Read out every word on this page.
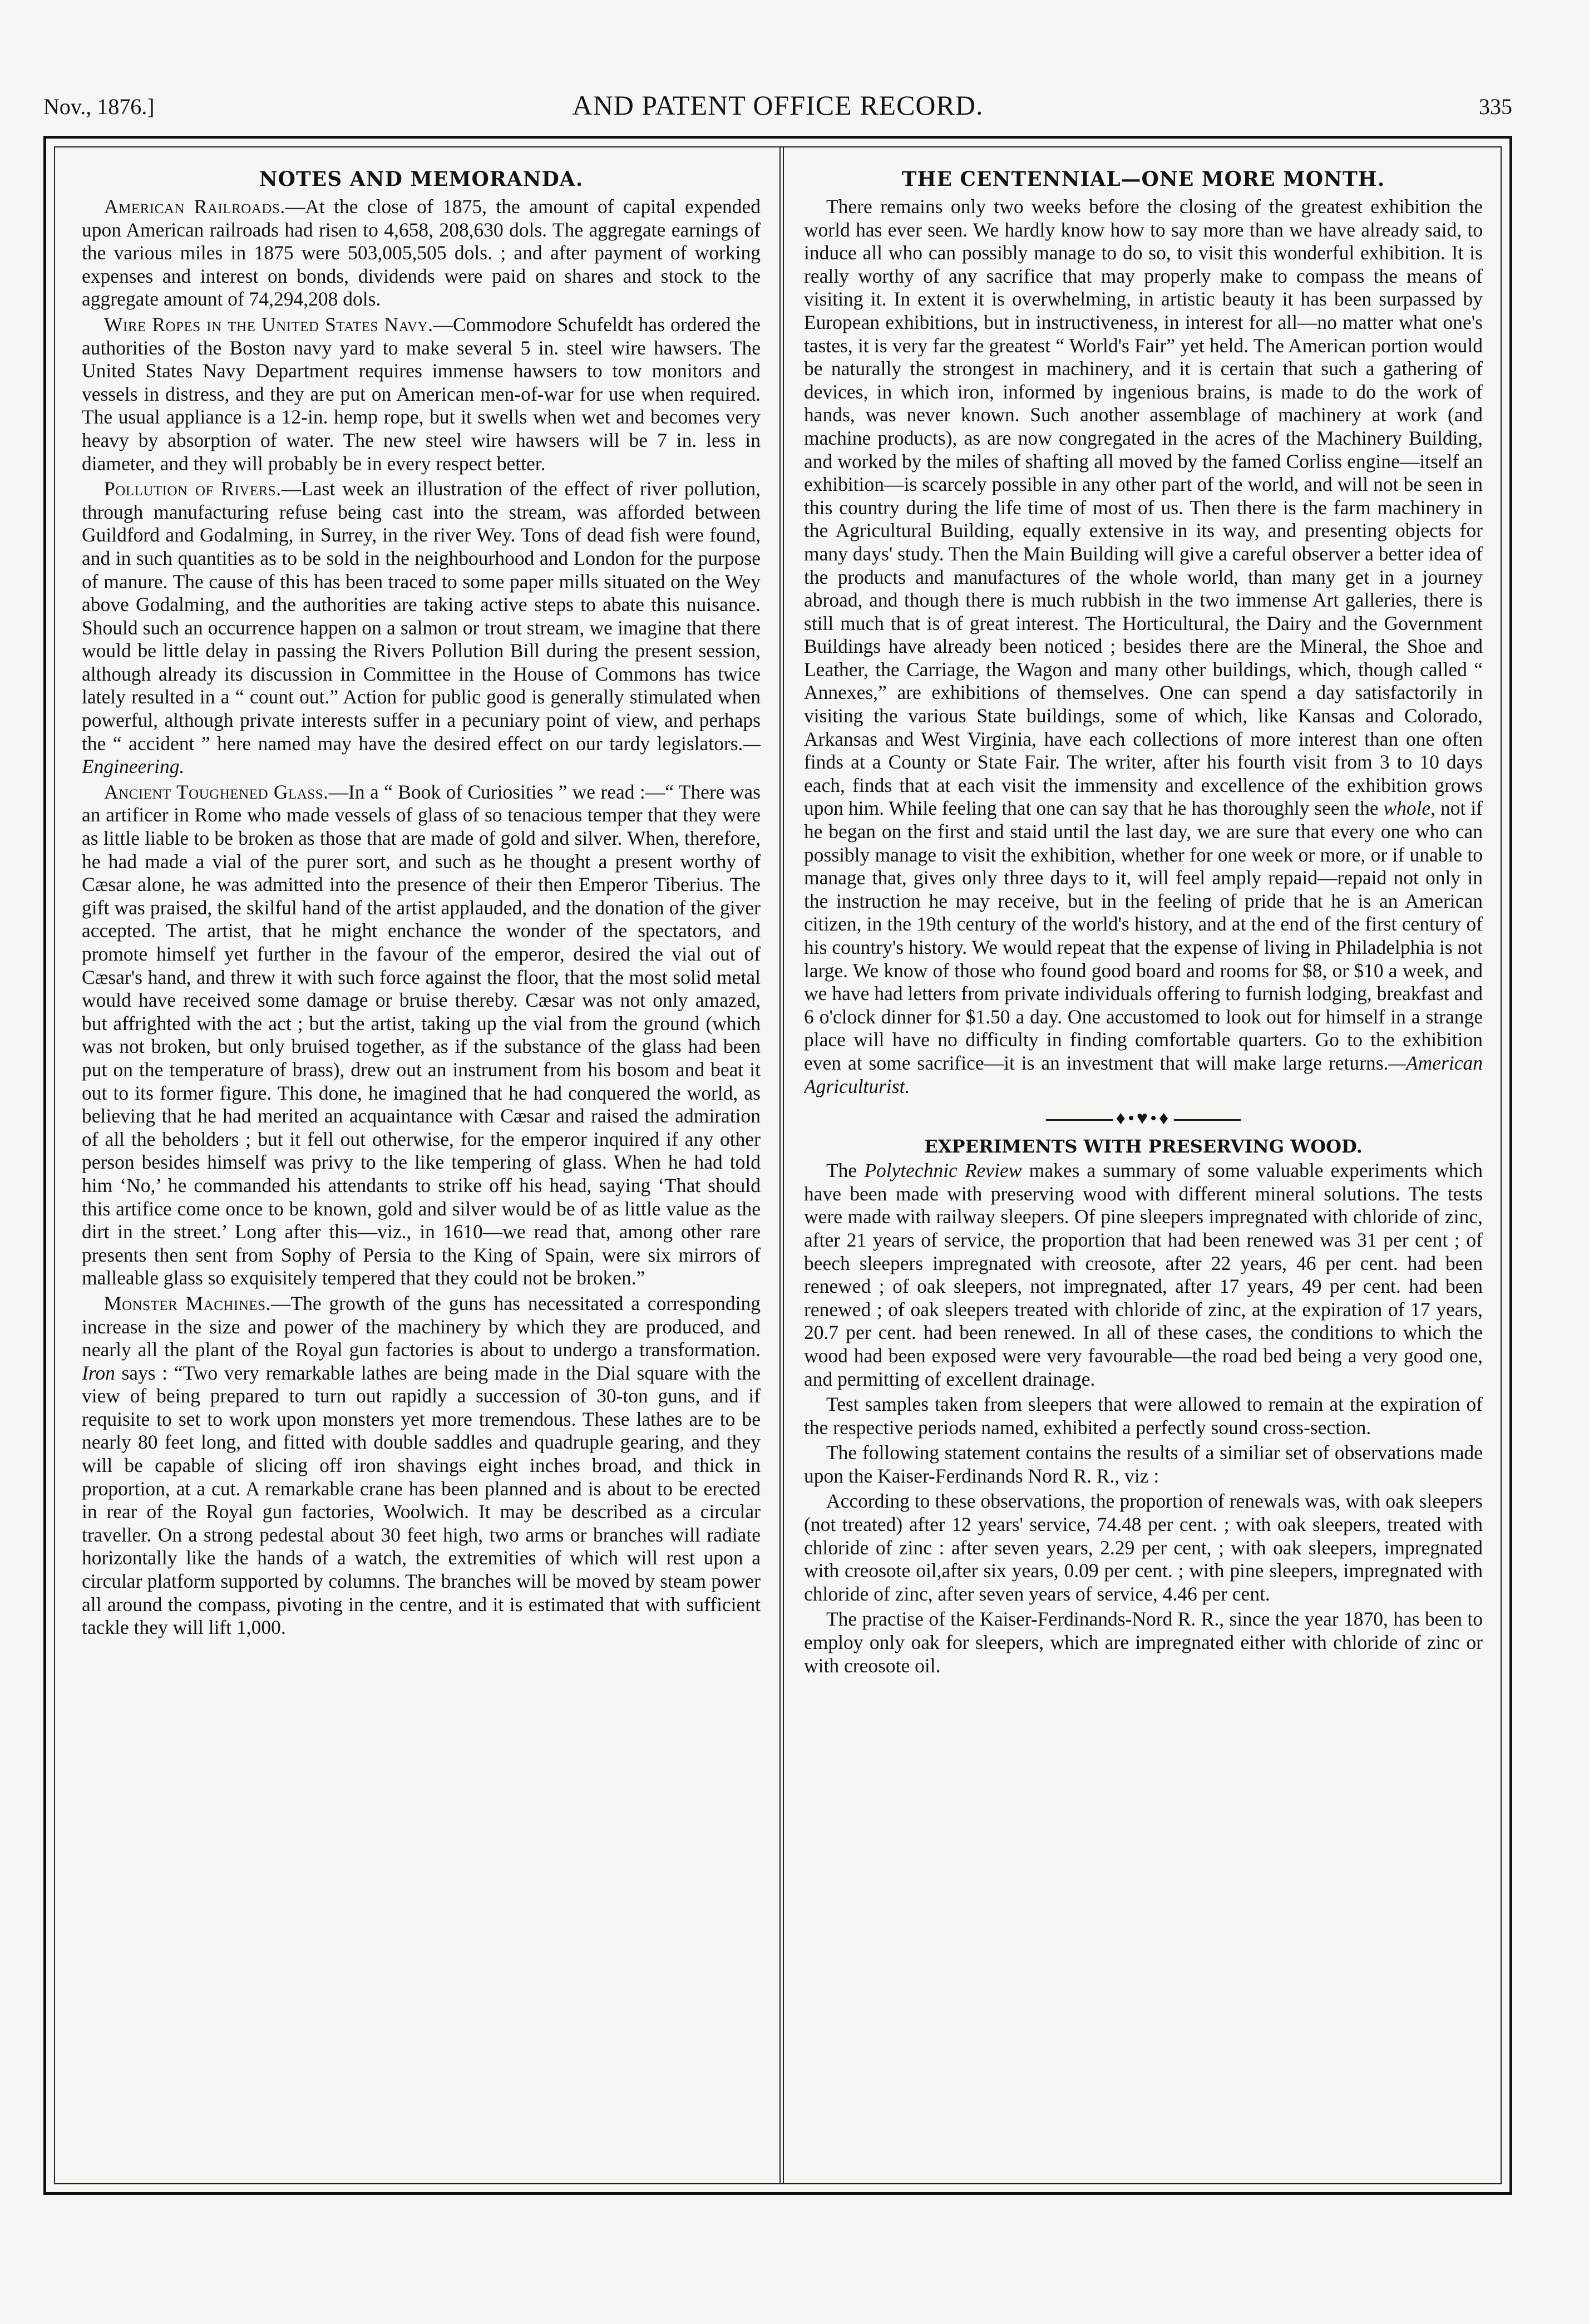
Nov., 1876.]	AND PATENT OFFICE RECORD.	335
NOTES AND MEMORANDA.

American Railroads.—At the close of 1875, the amount of capital expended upon American railroads had risen to 4,658, 208,630 dols. The aggregate earnings of the various miles in 1875 were 503,005,505 dols. ; and after payment of working expenses and interest on bonds, dividends were paid on shares and stock to the aggregate amount of 74,294,208 dols.

Wire Ropes in the United States Navy.—Commodore Schufeldt has ordered the authorities of the Boston navy yard to make several 5 in. steel wire hawsers. The United States Navy Department requires immense hawsers to tow monitors and vessels in distress, and they are put on American men-of-war for use when required. The usual appliance is a 12-in. hemp rope, but it swells when wet and becomes very heavy by absorption of water. The new steel wire hawsers will be 7 in. less in diameter, and they will probably be in every respect better.

Pollution of Rivers.—Last week an illustration of the effect of river pollution, through manufacturing refuse being cast into the stream, was afforded between Guildford and Godalming, in Surrey, in the river Wey. Tons of dead fish were found, and in such quantities as to be sold in the neighbourhood and London for the purpose of manure. The cause of this has been traced to some paper mills situated on the Wey above Godalming, and the authorities are taking active steps to abate this nuisance. Should such an occurrence happen on a salmon or trout stream, we imagine that there would be little delay in passing the Rivers Pollution Bill during the present session, although already its discussion in Committee in the House of Commons has twice lately resulted in a “ count out.” Action for public good is generally stimulated when powerful, although private interests suffer in a pecuniary point of view, and perhaps the “ accident ” here named may have the desired effect on our tardy legislators.—Engineering.

Ancient Toughened Glass.—In a “ Book of Curiosities ” we read :—“ There was an artificer in Rome who made vessels of glass of so tenacious temper that they were as little liable to be broken as those that are made of gold and silver. When, therefore, he had made a vial of the purer sort, and such as he thought a present worthy of Cæsar alone, he was admitted into the presence of their then Emperor Tiberius. The gift was praised, the skilful hand of the artist applauded, and the donation of the giver accepted. The artist, that he might enchance the wonder of the spectators, and promote himself yet further in the favour of the emperor, desired the vial out of Cæsar's hand, and threw it with such force against the floor, that the most solid metal would have received some damage or bruise thereby. Cæsar was not only amazed, but affrighted with the act ; but the artist, taking up the vial from the ground (which was not broken, but only bruised together, as if the substance of the glass had been put on the temperature of brass), drew out an instrument from his bosom and beat it out to its former figure. This done, he imagined that he had conquered the world, as believing that he had merited an acquaintance with Cæsar and raised the admiration of all the beholders ; but it fell out otherwise, for the emperor inquired if any other person besides himself was privy to the like tempering of glass. When he had told him ‘No,’ he commanded his attendants to strike off his head, saying ‘That should this artifice come once to be known, gold and silver would be of as little value as the dirt in the street.’ Long after this—viz., in 1610—we read that, among other rare presents then sent from Sophy of Persia to the King of Spain, were six mirrors of malleable glass so exquisitely tempered that they could not be broken.”

Monster Machines.—The growth of the guns has necessitated a corresponding increase in the size and power of the machinery by which they are produced, and nearly all the plant of the Royal gun factories is about to undergo a transformation. Iron says : “Two very remarkable lathes are being made in the Dial square with the view of being prepared to turn out rapidly a succession of 30-ton guns, and if requisite to set to work upon monsters yet more tremendous. These lathes are to be nearly 80 feet long, and fitted with double saddles and quadruple gearing, and they will be capable of slicing off iron shavings eight inches broad, and thick in proportion, at a cut. A remarkable crane has been planned and is about to be erected in rear of the Royal gun factories, Woolwich. It may be described as a circular traveller. On a strong pedestal about 30 feet high, two arms or branches will radiate horizontally like the hands of a watch, the extremities of which will rest upon a circular platform supported by columns. The branches will be moved by steam power all around the compass, pivoting in the centre, and it is estimated that with sufficient tackle they will lift 1,000.

THE CENTENNIAL—ONE MORE MONTH.

There remains only two weeks before the closing of the greatest exhibition the world has ever seen. We hardly know how to say more than we have already said, to induce all who can possibly manage to do so, to visit this wonderful exhibition. It is really worthy of any sacrifice that may properly make to compass the means of visiting it. In extent it is overwhelming, in artistic beauty it has been surpassed by European exhibitions, but in instructiveness, in interest for all—no matter what one's tastes, it is very far the greatest “ World's Fair” yet held. The American portion would be naturally the strongest in machinery, and it is certain that such a gathering of devices, in which iron, informed by ingenious brains, is made to do the work of hands, was never known. Such another assemblage of machinery at work (and machine products), as are now congregated in the acres of the Machinery Building, and worked by the miles of shafting all moved by the famed Corliss engine—itself an exhibition—is scarcely possible in any other part of the world, and will not be seen in this country during the life time of most of us. Then there is the farm machinery in the Agricultural Building, equally extensive in its way, and presenting objects for many days' study. Then the Main Building will give a careful observer a better idea of the products and manufactures of the whole world, than many get in a journey abroad, and though there is much rubbish in the two immense Art galleries, there is still much that is of great interest. The Horticultural, the Dairy and the Government Buildings have already been noticed ; besides there are the Mineral, the Shoe and Leather, the Carriage, the Wagon and many other buildings, which, though called “ Annexes,” are exhibitions of themselves. One can spend a day satisfactorily in visiting the various State buildings, some of which, like Kansas and Colorado, Arkansas and West Virginia, have each collections of more interest than one often finds at a County or State Fair. The writer, after his fourth visit from 3 to 10 days each, finds that at each visit the immensity and excellence of the exhibition grows upon him. While feeling that one can say that he has thoroughly seen the whole, not if he began on the first and staid until the last day, we are sure that every one who can possibly manage to visit the exhibition, whether for one week or more, or if unable to manage that, gives only three days to it, will feel amply repaid—repaid not only in the instruction he may receive, but in the feeling of pride that he is an American citizen, in the 19th century of the world's history, and at the end of the first century of his country's history. We would repeat that the expense of living in Philadelphia is not large. We know of those who found good board and rooms for $8, or $10 a week, and we have had letters from private individuals offering to furnish lodging, breakfast and 6 o'clock dinner for $1.50 a day. One accustomed to look out for himself in a strange place will have no difficulty in finding comfortable quarters. Go to the exhibition even at some sacrifice—it is an investment that will make large returns.—American Agriculturist.

♦•♥•♦
EXPERIMENTS WITH PRESERVING WOOD.

The Polytechnic Review makes a summary of some valuable experiments which have been made with preserving wood with different mineral solutions. The tests were made with railway sleepers. Of pine sleepers impregnated with chloride of zinc, after 21 years of service, the proportion that had been renewed was 31 per cent ; of beech sleepers impregnated with creosote, after 22 years, 46 per cent. had been renewed ; of oak sleepers, not impregnated, after 17 years, 49 per cent. had been renewed ; of oak sleepers treated with chloride of zinc, at the expiration of 17 years, 20.7 per cent. had been renewed. In all of these cases, the conditions to which the wood had been exposed were very favourable—the road bed being a very good one, and permitting of excellent drainage.

Test samples taken from sleepers that were allowed to remain at the expiration of the respective periods named, exhibited a perfectly sound cross-section.

The following statement contains the results of a similiar set of observations made upon the Kaiser-Ferdinands Nord R. R., viz :

According to these observations, the proportion of renewals was, with oak sleepers (not treated) after 12 years' service, 74.48 per cent. ; with oak sleepers, treated with chloride of zinc : after seven years, 2.29 per cent, ; with oak sleepers, impregnated with creosote oil,after six years, 0.09 per cent. ; with pine sleepers, impregnated with chloride of zinc, after seven years of service, 4.46 per cent.

The practise of the Kaiser-Ferdinands-Nord R. R., since the year 1870, has been to employ only oak for sleepers, which are impregnated either with chloride of zinc or with creosote oil.
